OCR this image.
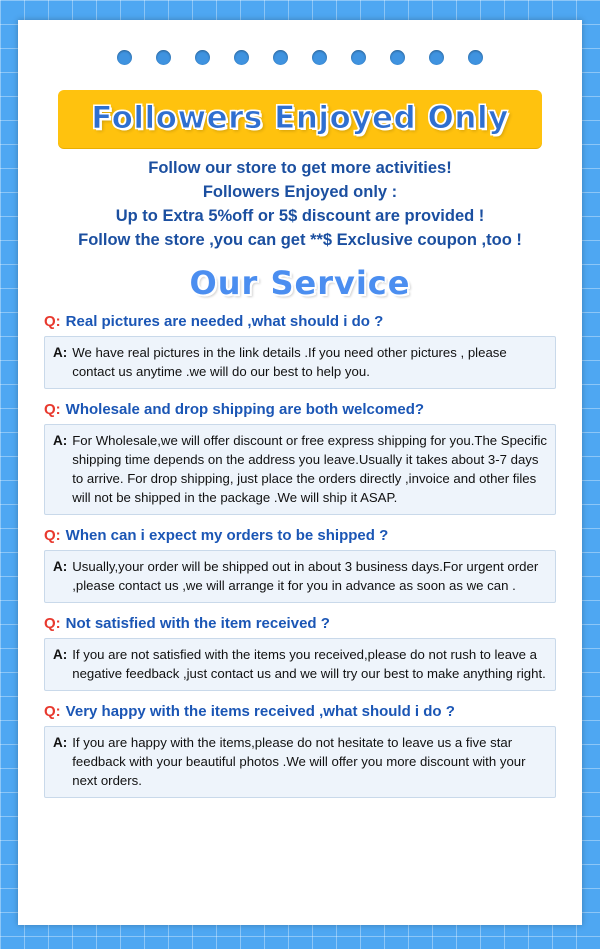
Followers Enjoyed Only
Follow our store to get more activities!
Followers Enjoyed only :
Up to Extra 5%off or 5$ discount are provided !
Follow the store ,you can get **$ Exclusive coupon ,too !
Our Service
Q: Real pictures are needed ,what should i do ?
A: We have real pictures in the link details .If you need other pictures , please contact us anytime .we will do our best to help you.
Q: Wholesale and drop shipping are both welcomed?
A: For Wholesale,we will offer discount or free express shipping for you.The Specific shipping time depends on the address you leave.Usually it takes about 3-7 days to arrive. For drop shipping, just place the orders directly ,invoice and other files will not be shipped in the package .We will ship it ASAP.
Q: When can i expect my orders to be shipped ?
A: Usually,your order will be shipped out in about 3 business days.For urgent order ,please contact us ,we will arrange it for you in advance as soon as we can .
Q: Not satisfied with the item received ?
A: If you are not satisfied with the items you received,please do not rush to leave a negative feedback ,just contact us and we will try our best to make anything right.
Q: Very happy with the items received ,what should i do ?
A: If you are happy with the items,please do not hesitate to leave us a five star feedback with your beautiful photos .We will offer you more discount with your next orders.
